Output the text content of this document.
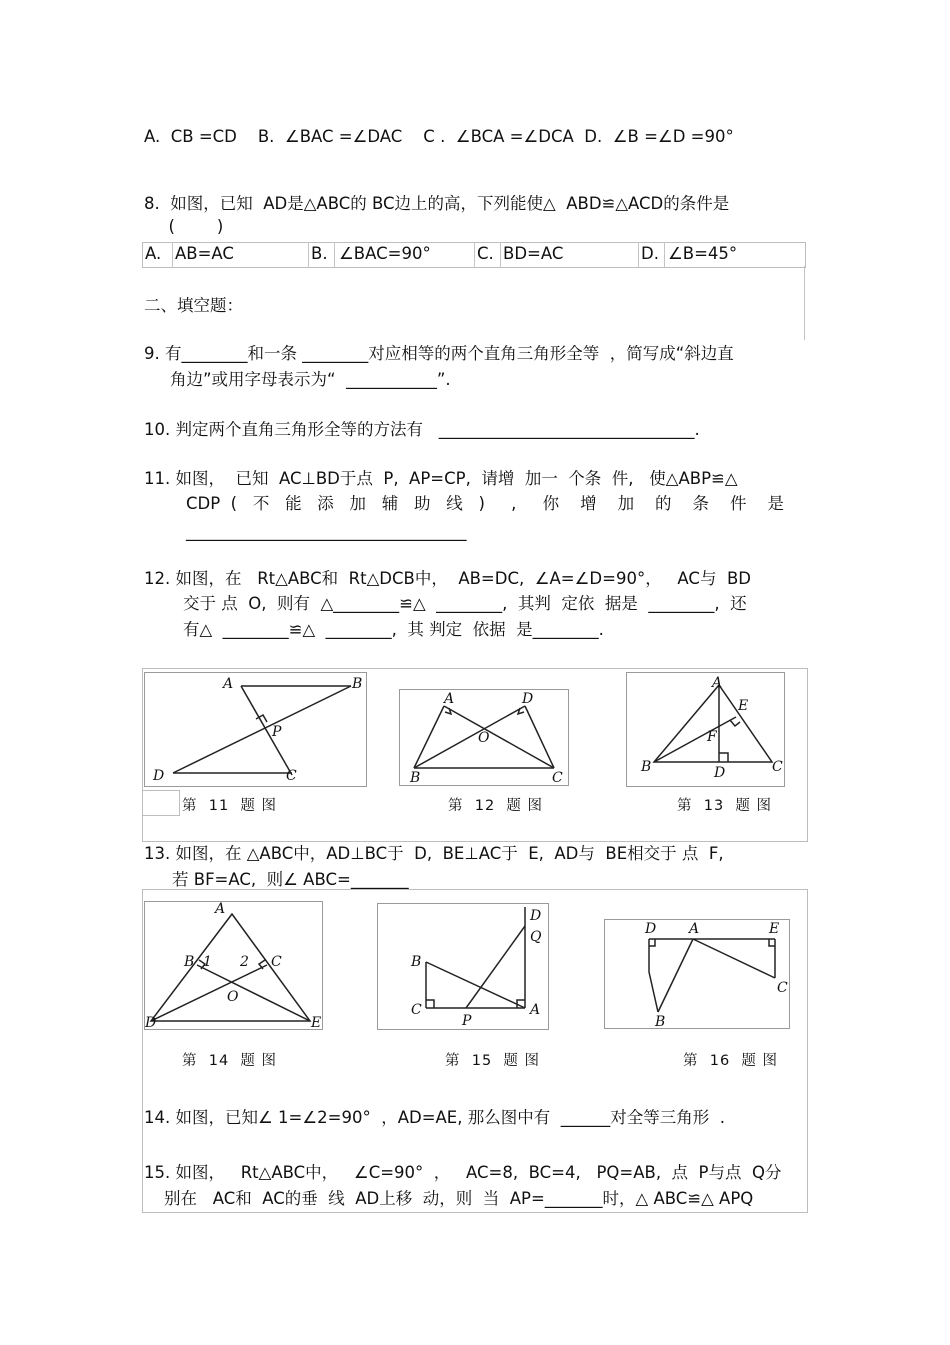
A.  CB =CD    B.  ∠BAC =∠DAC    C .  ∠BCA =∠DCA  D.  ∠B =∠D =90°
8.  如图，已知  AD是△ABC的 BC边上的高，下列能使△  ABD≌△ACD的条件是
(        )
A. AB=AC	B. ∠BAC=90°	C. BD=AC	D. ∠B=45°
二、填空题：
9. 有________和一条 ________对应相等的两个直角三角形全等  ，简写成“斜边直
角边”或用字母表示为“  ___________”.
10. 判定两个直角三角形全等的方法有   _______________________________.
11. 如图，  已知  AC⊥BD于点  P,  AP=CP,  请增  加一  个条  件,   使△ABP≌△
CDP  (   不   能   添   加   辅   助   线   )     ,     你    增    加    的    条    件    是
__________________________________
12. 如图，在   Rt△ABC和  Rt△DCB中，  AB=DC,  ∠A=∠D=90°，   AC与  BD
交于 点  O,  则有  △________≌△  ________,  其判  定依  据是  ________,  还
有△  ________≌△  ________,  其 判定  依据  是________.
A	B
P
D	C
A	D
O
B	C
A
E
F
B	D	C
第  11  题 图	第  12  题 图	第  13  题 图
13. 如图，在 △ABC中，AD⊥BC于  D,  BE⊥AC于  E,  AD与  BE相交于 点  F,
若 BF=AC,  则∠ ABC=_______
A
B 1 2 C
O
D	E
D
Q
B
C
P
A
D A	E
C
B
第  14  题 图	第  15  题 图	第  16  题 图
14. 如图，已知∠ 1=∠2=90°  ，AD=AE, 那么图中有  ______对全等三角形  .
15. 如图，   Rt△ABC中，   ∠C=90°  ，   AC=8,  BC=4,   PQ=AB,  点  P与点  Q分
别在   AC和  AC的垂  线  AD上移  动，则  当  AP=_______时，△ ABC≌△ APQ
